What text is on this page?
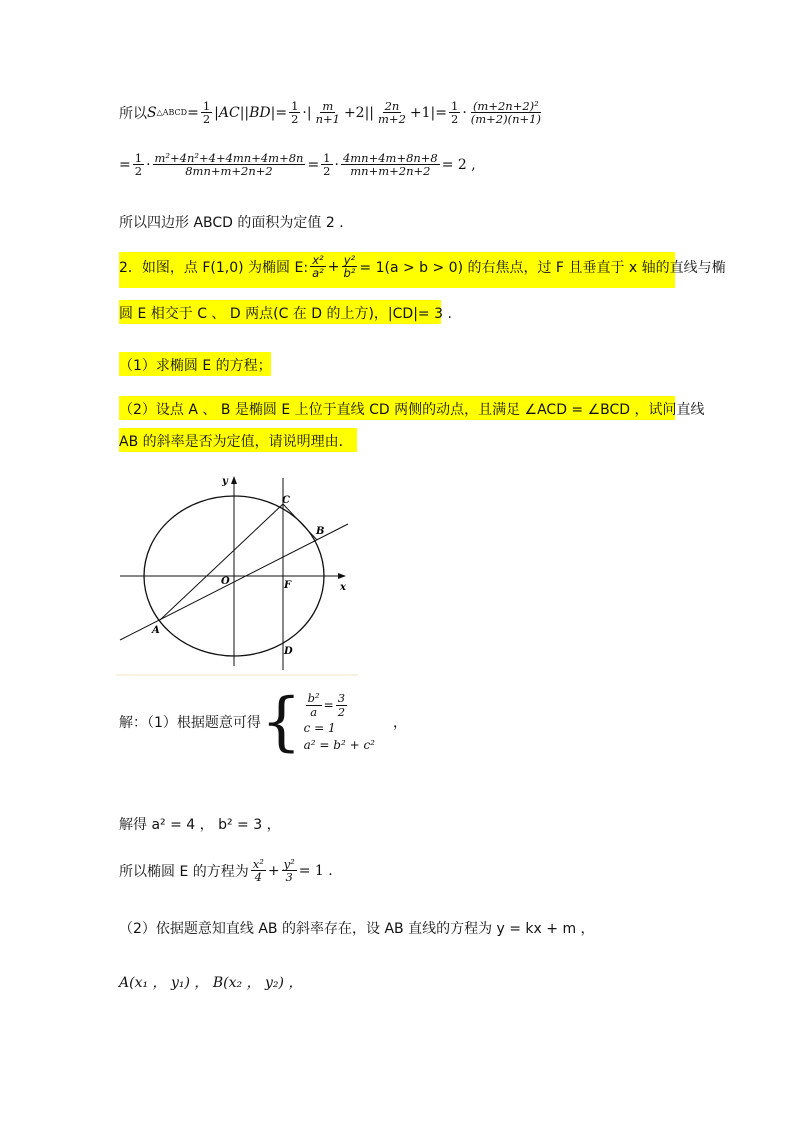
所以 S △ABCD = $\frac{1}{2} |AC||BD|= \frac{1}{2}$ ·| $\frac{m}{n+1} +2|| \frac{2n}{m+2} +1|= \frac{1}{2} \cdot \frac{\text{(m+2n+2)²}}{(m+2)(n+1)}$
= $\frac{1}{2} \cdot \frac{\text{m²+4n²+4+4mn+4m+8n}}{8mn+m+2n+2} = \frac{1}{2} \cdot \frac{4mn+4m+8n+8}{mn+m+2n+2} = 2$ ,
所以四边形 ABCD 的面积为定值 2 .
2．如图，点 F(1,0) 为椭圆 E: $\frac{\text{x²}}{\text{a²}} + \frac{\text{y²}}{\text{b²}} = 1(a > b > 0)$ 的右焦点，过 F 且垂直于 x 轴的直线与椭
圆 E 相交于 C 、 D 两点(C 在 D 的上方)，|CD|= 3 .
（1）求椭圆 E 的方程；
（2）设点 A 、 B 是椭圆 E 上位于直线 CD 两侧的动点，且满足 ∠ACD = ∠BCD ，试问直线
AB 的斜率是否为定值，请说明理由．
y
x
O	F
C
B
A
D
解：（1）根据题意可得 { $\frac{\text{b²}}{a} = \frac{3}{2}$
c = 1
a² = b² + c²
，
解得 a² = 4 ， b² = 3 ，
所以椭圆 E 的方程为 $\frac{\text{x²}}{4} + \frac{\text{y²}}{3} = 1$ .
（2）依据题意知直线 AB 的斜率存在，设 AB 直线的方程为 y = kx + m ，
A(x₁ ， y₁) ， B(x₂ ， y₂) ，
